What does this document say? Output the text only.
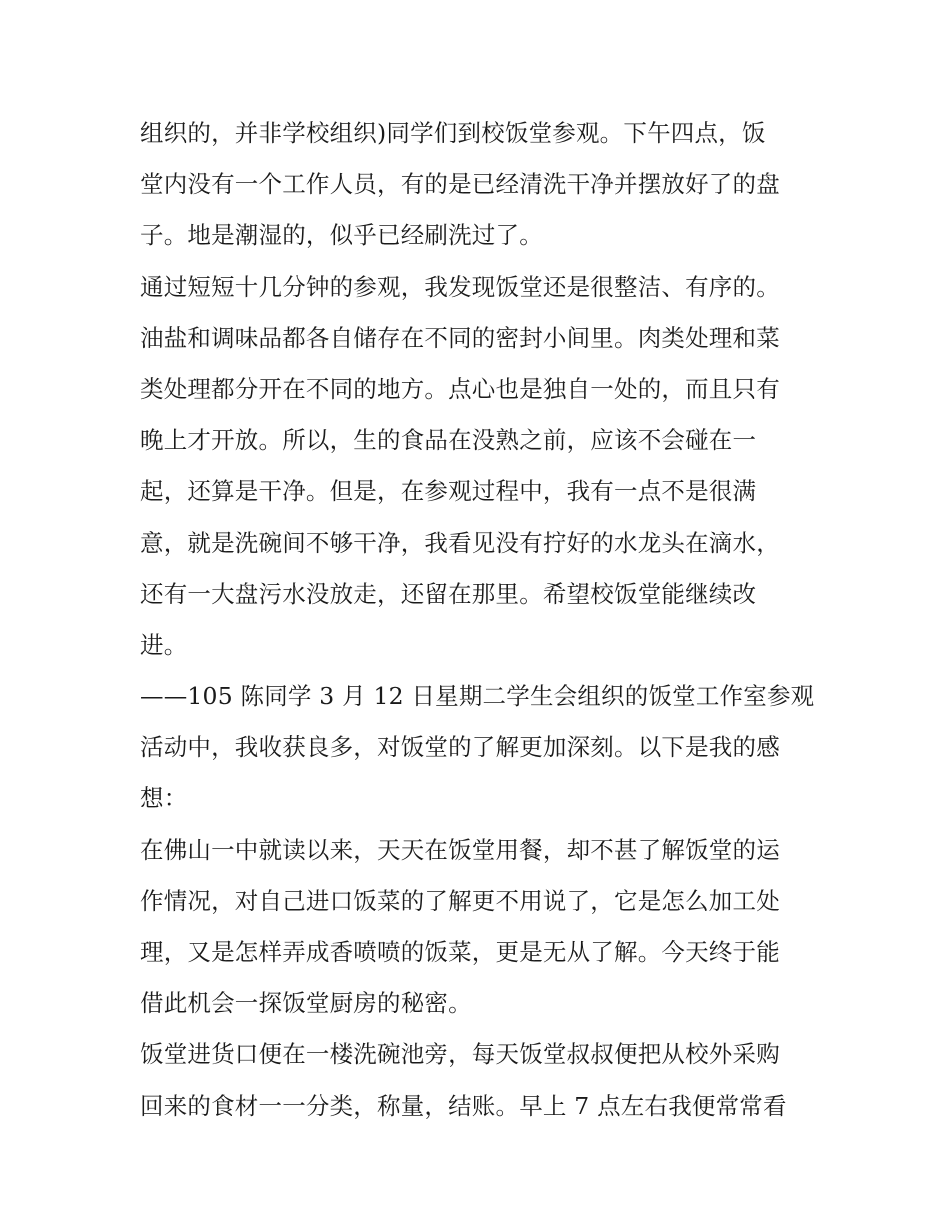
组织的，并非学校组织)同学们到校饭堂参观。下午四点，饭
堂内没有一个工作人员，有的是已经清洗干净并摆放好了的盘
子。地是潮湿的，似乎已经刷洗过了。
通过短短十几分钟的参观，我发现饭堂还是很整洁、有序的。
油盐和调味品都各自储存在不同的密封小间里。肉类处理和菜
类处理都分开在不同的地方。点心也是独自一处的，而且只有
晚上才开放。所以，生的食品在没熟之前，应该不会碰在一
起，还算是干净。但是，在参观过程中，我有一点不是很满
意，就是洗碗间不够干净，我看见没有拧好的水龙头在滴水，
还有一大盘污水没放走，还留在那里。希望校饭堂能继续改
进。
——105 陈同学 3 月 12 日星期二学生会组织的饭堂工作室参观
活动中，我收获良多，对饭堂的了解更加深刻。以下是我的感
想：
在佛山一中就读以来，天天在饭堂用餐，却不甚了解饭堂的运
作情况，对自己进口饭菜的了解更不用说了，它是怎么加工处
理，又是怎样弄成香喷喷的饭菜，更是无从了解。今天终于能
借此机会一探饭堂厨房的秘密。
饭堂进货口便在一楼洗碗池旁，每天饭堂叔叔便把从校外采购
回来的食材一一分类，称量，结账。早上 7 点左右我便常常看
